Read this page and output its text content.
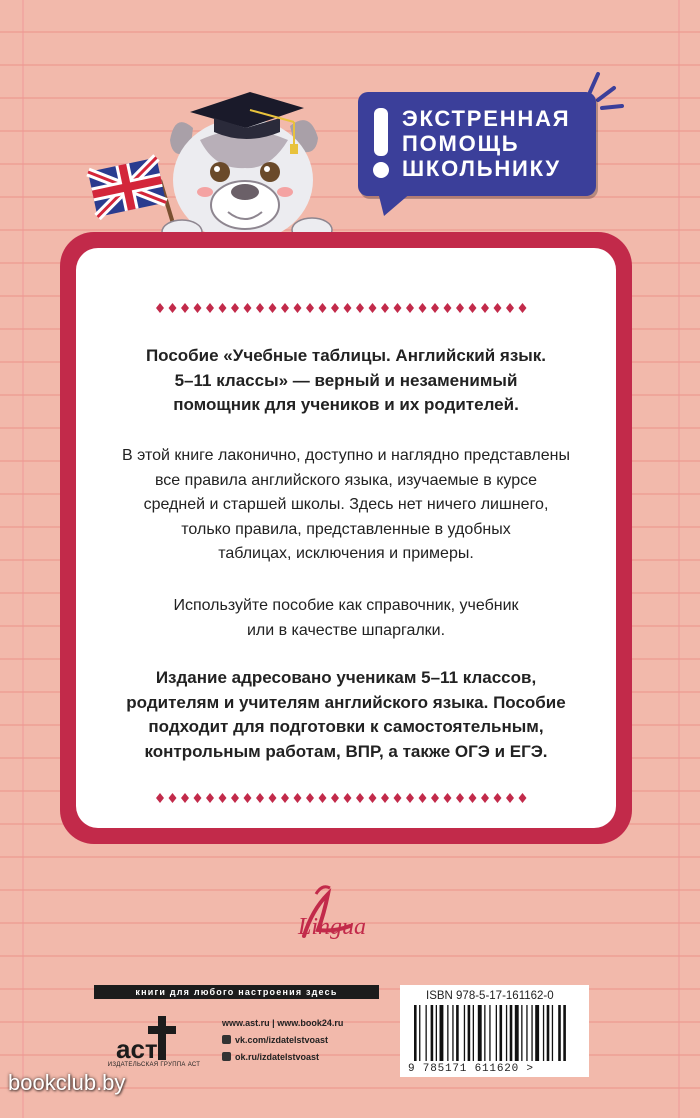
ЭКСТРЕННАЯ
ПОМОЩЬ
ШКОЛЬНИКУ
Пособие «Учебные таблицы. Английский язык.
5–11 классы» — верный и незаменимый
помощник для учеников и их родителей.
В этой книге лаконично, доступно и наглядно представлены
все правила английского языка, изучаемые в курсе
средней и старшей школы. Здесь нет ничего лишнего,
только правила, представленные в удобных
таблицах, исключения и примеры.
Используйте пособие как справочник, учебник
или в качестве шпаргалки.
Издание адресовано ученикам 5–11 классов,
родителям и учителям английского языка. Пособие
подходит для подготовки к самостоятельным,
контрольным работам, ВПР, а также ОГЭ и ЕГЭ.
Lingua
книги для любого настроения здесь
аст
ИЗДАТЕЛЬСКАЯ ГРУППА АСТ
www.ast.ru | www.book24.ru
vk.com/izdatelstvoast
ok.ru/izdatelstvoast
ISBN 978-5-17-161162-0
9 785171 611620 >
bookclub.by
